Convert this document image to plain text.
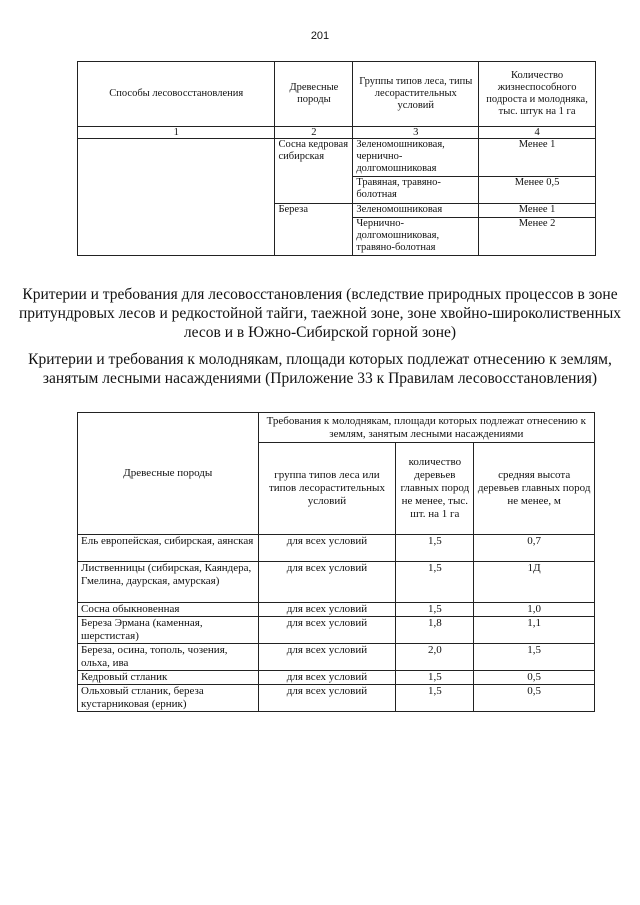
201
Способы лесовосстановления	Древесные породы	Группы типов леса, типы лесорастительных условий	Количество жизнеспособного подроста и молодняка, тыс. штук на 1 га
1	2	3	4
	Сосна кедровая сибирская	Зеленомошниковая, чернично-долгомошниковая	Менее 1
		Травяная, травяно-болотная	Менее 0,5
	Береза	Зеленомошниковая	Менее 1
		Чернично-долгомошниковая, травяно-болотная	Менее 2
Критерии и требования для лесовосстановления (вследствие природных процессов в зоне притундровых лесов и редкостойной тайги, таежной зоне, зоне хвойно-широколиственных лесов и в Южно-Сибирской горной зоне)
Критерии и требования к молоднякам, площади которых подлежат отнесению к землям, занятым лесными насаждениями (Приложение 33 к Правилам лесовосстановления)
Древесные породы	Требования к молоднякам, площади которых подлежат отнесению к землям, занятым лесными насаждениями		
	группа типов леса или типов лесорастительных условий	количество деревьев главных пород не менее, тыс. шт. на 1 га	средняя высота деревьев главных пород не менее, м
Ель европейская, сибирская, аянская	для всех условий	1,5	0,7
Лиственницы (сибирская, Каяндера, Гмелина, даурская, амурская)	для всех условий	1,5	1Д
Сосна обыкновенная	для всех условий	1,5	1,0
Береза Эрмана (каменная, шерстистая)	для всех условий	1,8	1,1
Береза, осина, тополь, чозения, ольха, ива	для всех условий	2,0	1,5
Кедровый стланик	для всех условий	1,5	0,5
Ольховый стланик, береза кустарниковая (ерник)	для всех условий	1,5	0,5
